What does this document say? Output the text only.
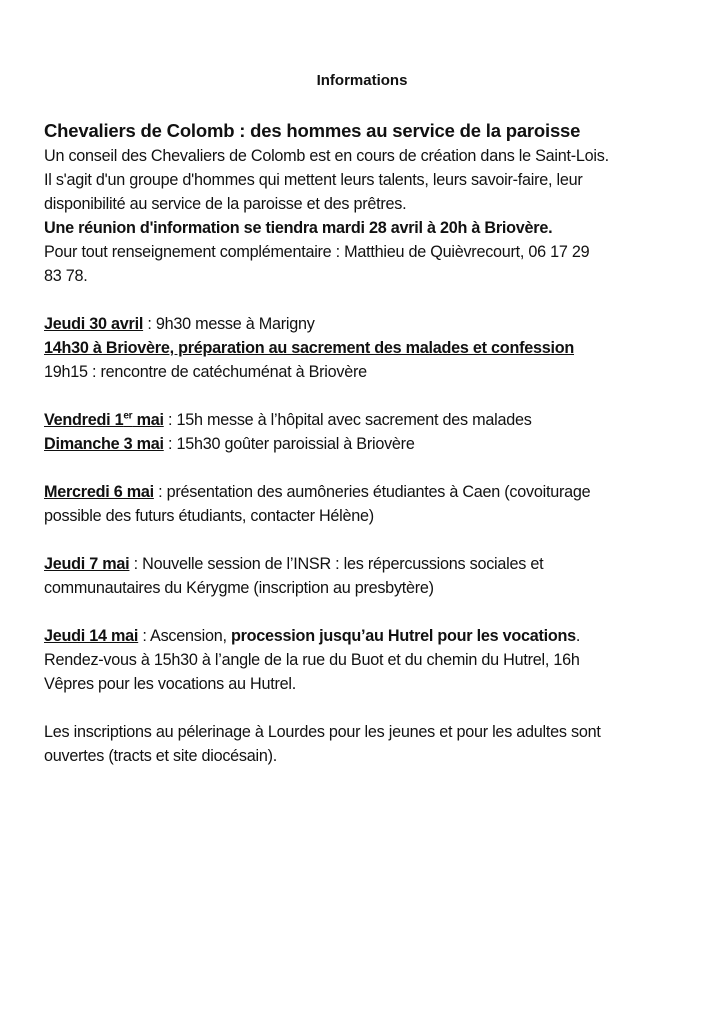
Informations
Chevaliers de Colomb : des hommes au service de la paroisse
Un conseil des Chevaliers de Colomb est en cours de création dans le Saint-Lois.
Il s'agit d'un groupe d'hommes qui mettent leurs talents, leurs savoir-faire, leur
disponibilité au service de la paroisse et des prêtres.
Une réunion d'information se tiendra mardi 28 avril à 20h à Briovère.
Pour tout renseignement complémentaire : Matthieu de Quièvrecourt, 06 17 29
83 78.
Jeudi 30 avril : 9h30 messe à Marigny
14h30 à Briovère, préparation au sacrement des malades et confession
19h15 : rencontre de catéchuménat à Briovère
Vendredi 1er mai : 15h messe à l’hôpital avec sacrement des malades
Dimanche 3 mai : 15h30 goûter paroissial à Briovère
Mercredi 6 mai : présentation des aumôneries étudiantes à Caen (covoiturage
possible des futurs étudiants, contacter Hélène)
Jeudi 7 mai : Nouvelle session de l’INSR : les répercussions sociales et
communautaires du Kérygme (inscription au presbytère)
Jeudi 14 mai : Ascension, procession jusqu’au Hutrel pour les vocations.
Rendez-vous à 15h30 à l’angle de la rue du Buot et du chemin du Hutrel, 16h
Vêpres pour les vocations au Hutrel.
Les inscriptions au pélerinage à Lourdes pour les jeunes et pour les adultes sont
ouvertes (tracts et site diocésain).
